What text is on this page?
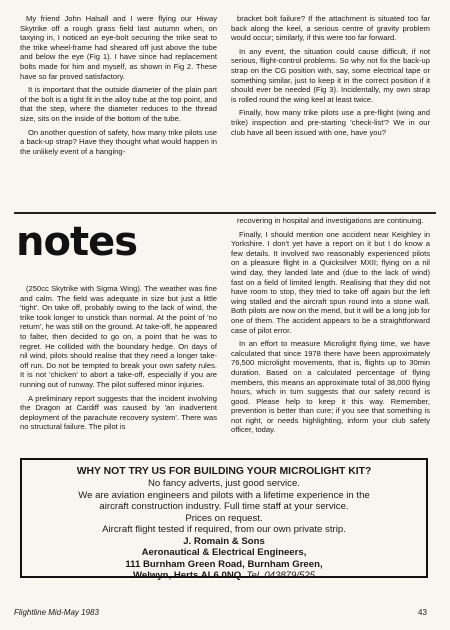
My friend John Halsall and I were flying our Hiway Skytrike off a rough grass field last autumn when, on taxying in, I noticed an eye-bolt securing the trike seat to the trike wheel-frame had sheared off just above the tube and below the eye (Fig 1). I have since had replacement bolts made for him and myself, as shown in Fig 2. These have so far proved satisfactory.

It is important that the outside diameter of the plain part of the bolt is a tight fit in the alloy tube at the top point, and that the step, where the diameter reduces to the thread size, sits on the inside of the bottom of the tube.

On another question of safety, how many trike pilots use a back-up strap? Have they thought what would happen in the unlikely event of a hanging-

bracket bolt failure? If the attachment is situated too far back along the keel, a serious centre of gravity problem would occur; similarly, if this were too far forward.

In any event, the situation could cause difficult, if not serious, flight-control problems. So why not fix the back-up strap on the CG position with, say, some electrical tape or something similar, just to keep it in the correct position if it should ever be needed (Fig 3). Incidentally, my own strap is rolled round the wing keel at least twice.

Finally, how many trike pilots use a pre-flight (wing and trike) inspection and pre-starting 'check-list'? We in our club have all been issued with one, have you?

notes

(250cc Skytrike with Sigma Wing). The weather was fine and calm. The field was adequate in size but just a little 'tight'. On take off, probably owing to the lack of wind, the trike took longer to unstick than normal. At the point of 'no return', he was still on the ground. At take-off, he appeared to falter, then decided to go on, a point that he was to regret. He collided with the boundary hedge. On days of nil wind, pilots should realise that they need a longer take-off run. Do not be tempted to break your own safety rules. It is not 'chicken' to abort a take-off, especially if you are running out of runway. The pilot suffered minor injuries.

A preliminary report suggests that the incident involving the Dragon at Cardiff was caused by 'an inadvertent deployment of the parachute recovery system'. There was no structural failure. The pilot is

recovering in hospital and investigations are continuing.

Finally, I should mention one accident near Keighley in Yorkshire. I don't yet have a report on it but I do know a few details. It involved two reasonably experienced pilots on a pleasure flight in a Quicksilver MXII; flying on a nil wind day, they landed late and (due to the lack of wind) fast on a field of limited length. Realising that they did not have room to stop, they tried to take off again but the left wing stalled and the aircraft spun round into a stone wall. Both pilots are now on the mend, but it will be a long job for one of them. The accident appears to be a straightforward case of pilot error.

In an effort to measure Microlight flying time, we have calculated that since 1978 there have been approximately 76,500 microlight movements, that is, flights up to 30min duration. Based on a calculated percentage of flying members, this means an approximate total of 38,000 flying hours, which in turn suggests that our safety record is good. Please help to keep it this way. Remember, prevention is better than cure; if you see that something is not right, or needs highlighting, inform your club safety officer, today.

WHY NOT TRY US FOR BUILDING YOUR MICROLIGHT KIT?

No fancy adverts, just good service.

We are aviation engineers and pilots with a lifetime experience in the

aircraft construction industry. Full time staff at your service.

Prices on request.

Aircraft flight tested if required, from our own private strip.

J. Romain & Sons

Aeronautical & Electrical Engineers,

111 Burnham Green Road, Burnham Green,

Welwyn, Herts AL6 0NQ. Tel. 043879/525

Flightline Mid-May 1983	43
